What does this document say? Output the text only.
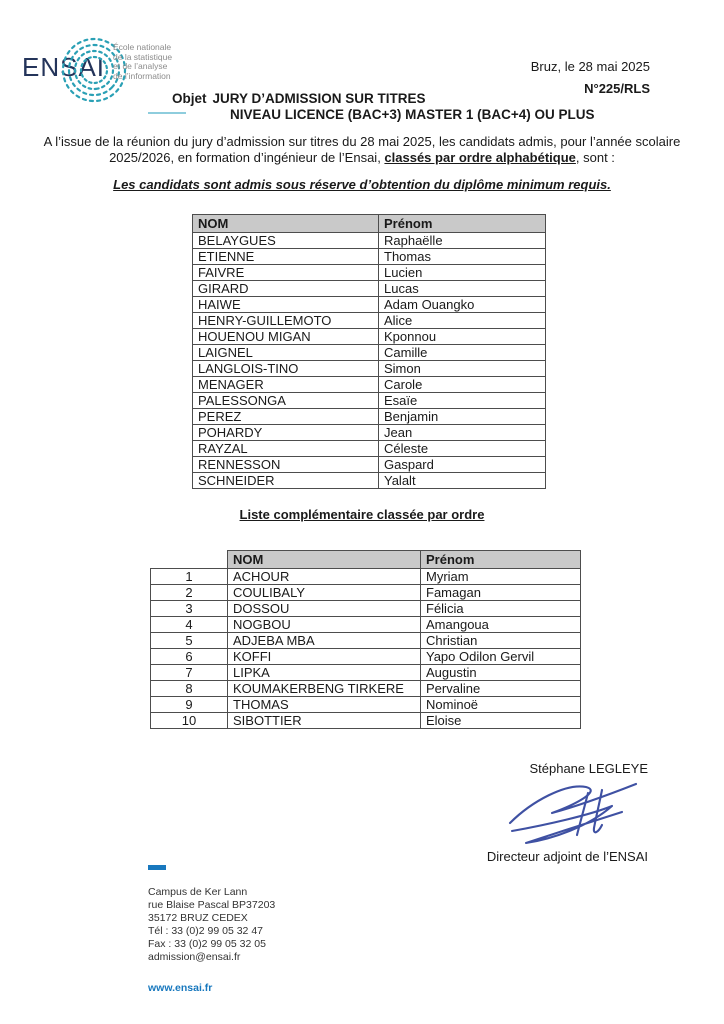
ENSAI
École nationale
de la statistique
et de l’analyse
de l’information
Bruz, le 28 mai 2025
N°225/RLS
Objet JURY D’ADMISSION SUR TITRES
NIVEAU LICENCE (BAC+3) MASTER 1 (BAC+4) OU PLUS
A l’issue de la réunion du jury d’admission sur titres du 28 mai 2025, les candidats admis, pour l’année scolaire
2025/2026, en formation d’ingénieur de l’Ensai, classés par ordre alphabétique, sont :
Les candidats sont admis sous réserve d’obtention du diplôme minimum requis.
NOM	Prénom
BELAYGUES	Raphaëlle
ETIENNE	Thomas
FAIVRE	Lucien
GIRARD	Lucas
HAIWE	Adam Ouangko
HENRY-GUILLEMOTO	Alice
HOUENOU MIGAN	Kponnou
LAIGNEL	Camille
LANGLOIS-TINO	Simon
MENAGER	Carole
PALESSONGA	Esaïe
PEREZ	Benjamin
POHARDY	Jean
RAYZAL	Céleste
RENNESSON	Gaspard
SCHNEIDER	Yalalt
Liste complémentaire classée par ordre
	NOM	Prénom
1	ACHOUR	Myriam
2	COULIBALY	Famagan
3	DOSSOU	Félicia
4	NOGBOU	Amangoua
5	ADJEBA MBA	Christian
6	KOFFI	Yapo Odilon Gervil
7	LIPKA	Augustin
8	KOUMAKERBENG TIRKERE	Pervaline
9	THOMAS	Nominoë
10	SIBOTTIER	Eloise
Stéphane LEGLEYE
Directeur adjoint de l’ENSAI
Campus de Ker Lann
rue Blaise Pascal BP37203
35172 BRUZ CEDEX
Tél : 33 (0)2 99 05 32 47
Fax : 33 (0)2 99 05 32 05
admission@ensai.fr
www.ensai.fr
